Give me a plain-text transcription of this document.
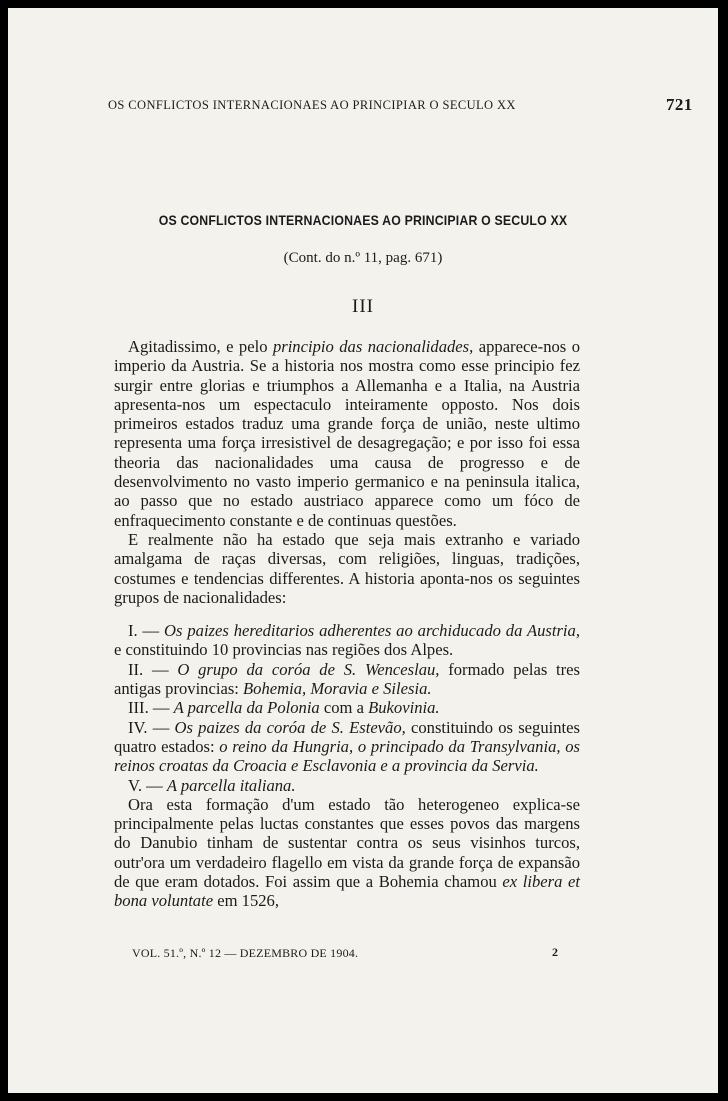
OS CONFLICTOS INTERNACIONAES AO PRINCIPIAR O SECULO XX	721
OS CONFLICTOS INTERNACIONAES AO PRINCIPIAR O SECULO XX
(Cont. do n.º 11, pag. 671)
III

Agitadissimo, e pelo principio das nacionalidades, apparece-nos o imperio da Austria. Se a historia nos mostra como esse principio fez surgir entre glorias e triumphos a Allemanha e a Italia, na Austria apresenta-nos um espectaculo inteiramente opposto. Nos dois primeiros estados traduz uma grande força de união, neste ultimo representa uma força irresistivel de desagregação; e por isso foi essa theoria das nacionalidades uma causa de progresso e de desenvolvimento no vasto imperio germanico e na peninsula italica, ao passo que no estado austriaco apparece como um fóco de enfraquecimento constante e de continuas questões.

E realmente não ha estado que seja mais extranho e variado amalgama de raças diversas, com religiões, linguas, tradições, costumes e tendencias differentes. A historia aponta-nos os seguintes grupos de nacionalidades:

I. — Os paizes hereditarios adherentes ao archiducado da Austria, e constituindo 10 provincias nas regiões dos Alpes.

II. — O grupo da coróa de S. Wenceslau, formado pelas tres antigas provincias: Bohemia, Moravia e Silesia.

III. — A parcella da Polonia com a Bukovinia.

IV. — Os paizes da coróa de S. Estevão, constituindo os seguintes quatro estados: o reino da Hungria, o principado da Transylvania, os reinos croatas da Croacia e Esclavonia e a provincia da Servia.

V. — A parcella italiana.

Ora esta formação d'um estado tão heterogeneo explica-se principalmente pelas luctas constantes que esses povos das margens do Danubio tinham de sustentar contra os seus visinhos turcos, outr'ora um verdadeiro flagello em vista da grande força de expansão de que eram dotados. Foi assim que a Bohemia chamou ex libera et bona voluntate em 1526,

VOL. 51.º, N.º 12 — DEZEMBRO DE 1904.	2
